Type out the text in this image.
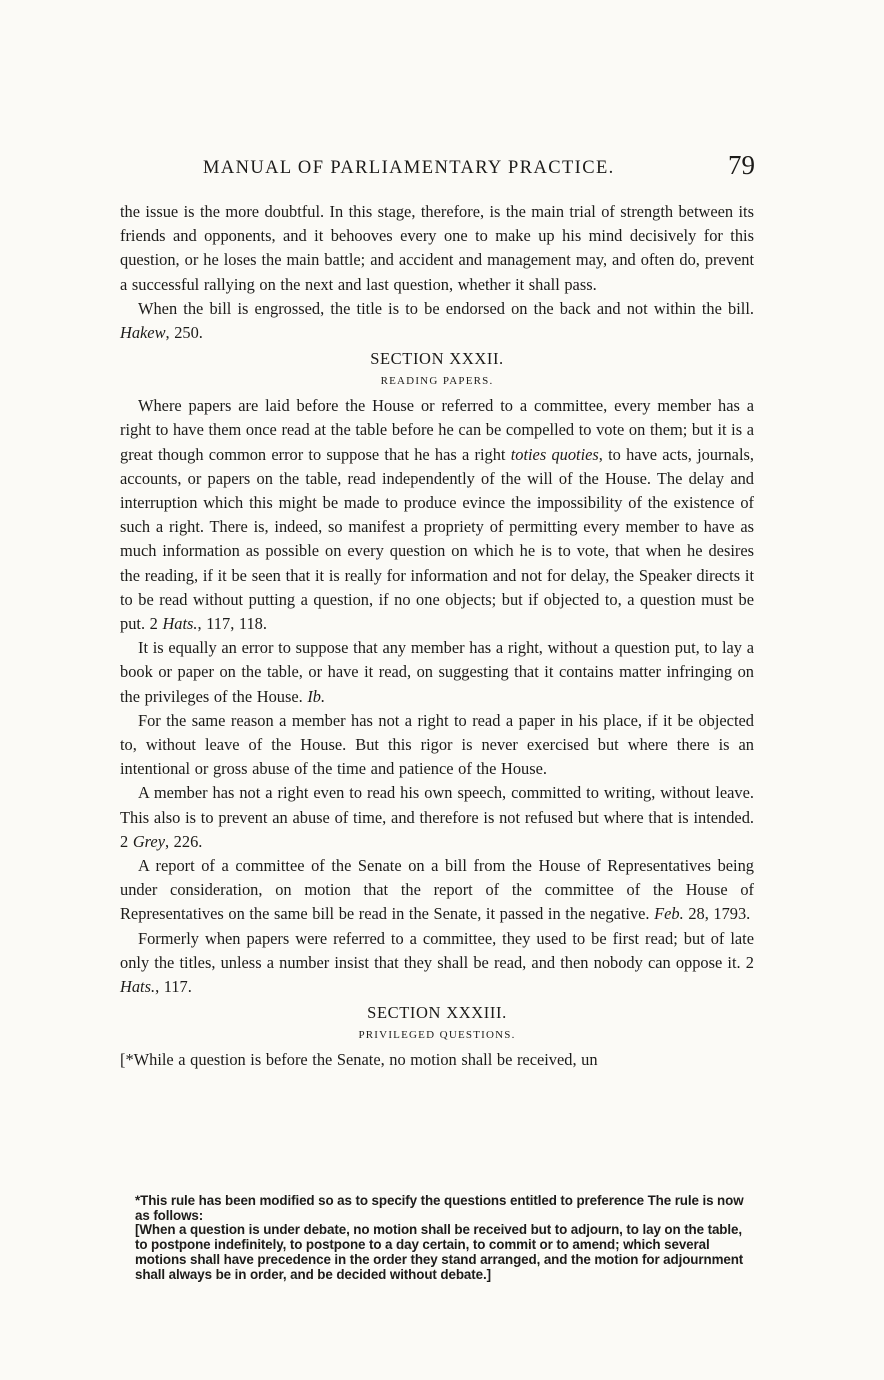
MANUAL OF PARLIAMENTARY PRACTICE.	79

the issue is the more doubtful. In this stage, therefore, is the main trial of strength between its friends and opponents, and it behooves every one to make up his mind decisively for this question, or he loses the main battle; and accident and management may, and often do, prevent a successful rallying on the next and last question, whether it shall pass.

When the bill is engrossed, the title is to be endorsed on the back and not within the bill. Hakew, 250.

SECTION XXXII.
READING PAPERS.

Where papers are laid before the House or referred to a committee, every member has a right to have them once read at the table before he can be compelled to vote on them; but it is a great though common error to suppose that he has a right toties quoties, to have acts, journals, accounts, or papers on the table, read independently of the will of the House. The delay and interruption which this might be made to produce evince the impossibility of the existence of such a right. There is, indeed, so manifest a propriety of permitting every member to have as much information as possible on every question on which he is to vote, that when he desires the reading, if it be seen that it is really for information and not for delay, the Speaker directs it to be read without putting a question, if no one objects; but if objected to, a question must be put. 2 Hats., 117, 118.

It is equally an error to suppose that any member has a right, without a question put, to lay a book or paper on the table, or have it read, on suggesting that it contains matter infringing on the privileges of the House. Ib.

For the same reason a member has not a right to read a paper in his place, if it be objected to, without leave of the House. But this rigor is never exercised but where there is an intentional or gross abuse of the time and patience of the House.

A member has not a right even to read his own speech, committed to writing, without leave. This also is to prevent an abuse of time, and therefore is not refused but where that is intended. 2 Grey, 226.

A report of a committee of the Senate on a bill from the House of Representatives being under consideration, on motion that the report of the committee of the House of Representatives on the same bill be read in the Senate, it passed in the negative. Feb. 28, 1793.

Formerly when papers were referred to a committee, they used to be first read; but of late only the titles, unless a number insist that they shall be read, and then nobody can oppose it. 2 Hats., 117.

SECTION XXXIII.
PRIVILEGED QUESTIONS.

[*While a question is before the Senate, no motion shall be received, un

*This rule has been modified so as to specify the questions entitled to preference The rule is now as follows:

[When a question is under debate, no motion shall be received but to adjourn, to lay on the table, to postpone indefinitely, to postpone to a day certain, to commit or to amend; which several motions shall have precedence in the order they stand arranged, and the motion for adjournment shall always be in order, and be decided without debate.]
